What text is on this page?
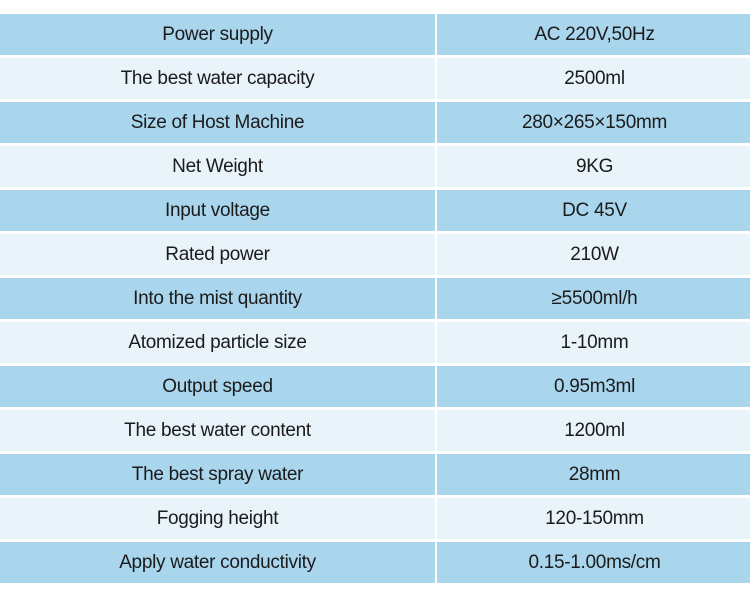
Power supply	AC 220V,50Hz
The best water capacity	2500ml
Size of Host Machine	280×265×150mm
Net Weight	9KG
Input voltage	DC 45V
Rated power	210W
Into the mist quantity	≥5500ml/h
Atomized particle size	1-10mm
Output speed	0.95m3ml
The best water content	1200ml
The best spray water	28mm
Fogging height	120-150mm
Apply water conductivity	0.15-1.00ms/cm
